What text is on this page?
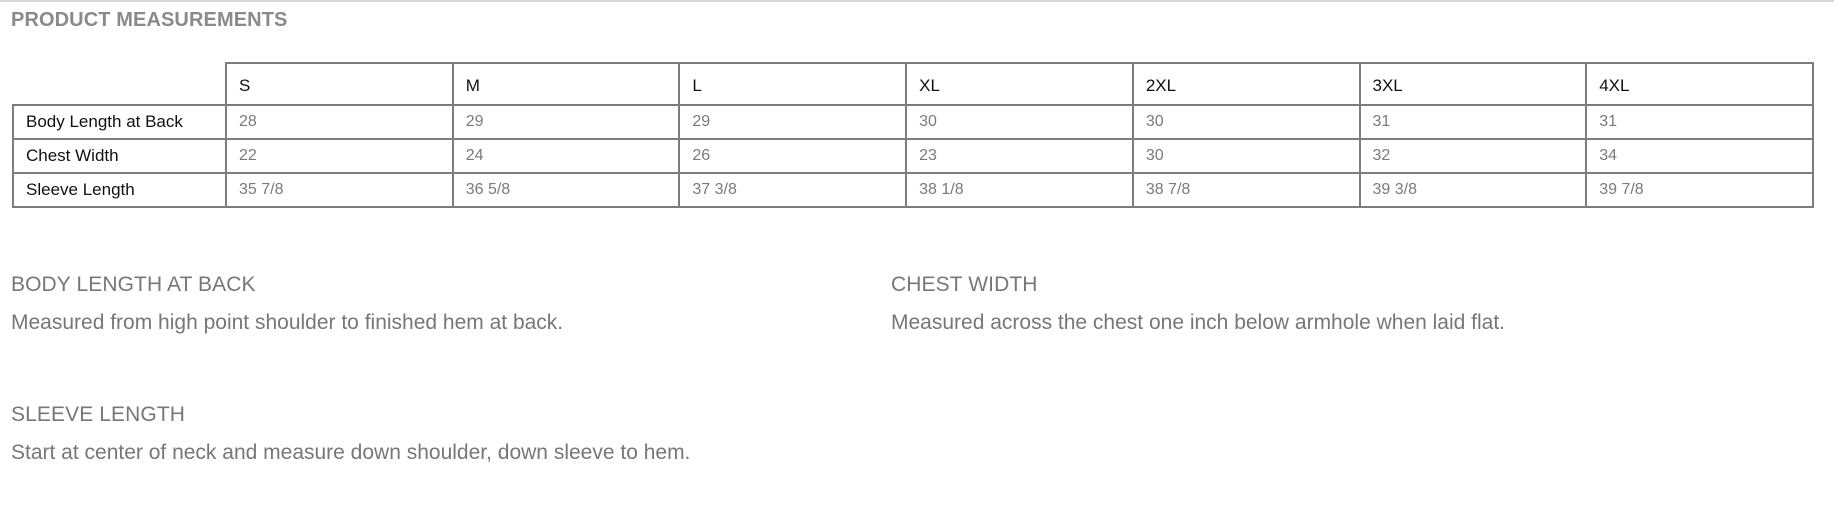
PRODUCT MEASUREMENTS
	S	M	L	XL	2XL	3XL	4XL
Body Length at Back	28	29	29	30	30	31	31
Chest Width	22	24	26	23	30	32	34
Sleeve Length	35 7/8	36 5/8	37 3/8	38 1/8	38 7/8	39 3/8	39 7/8
BODY LENGTH AT BACK

Measured from high point shoulder to finished hem at back.

CHEST WIDTH

Measured across the chest one inch below armhole when laid flat.

SLEEVE LENGTH

Start at center of neck and measure down shoulder, down sleeve to hem.
